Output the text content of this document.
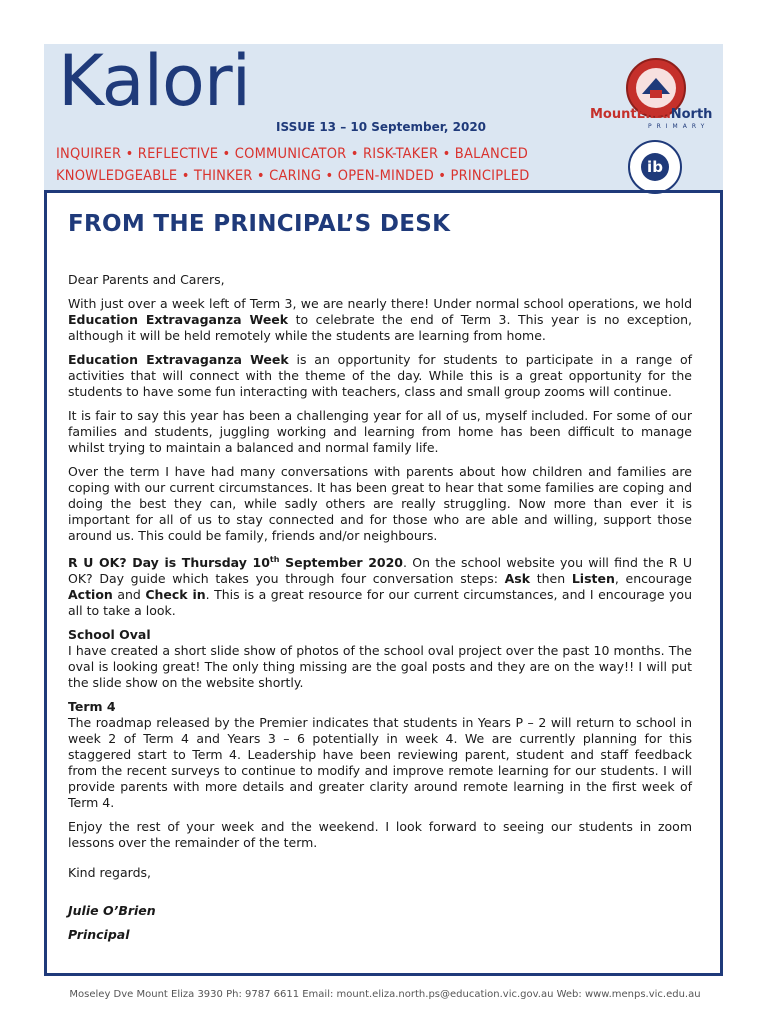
Kalori
ISSUE 13 – 10 September, 2020
INQUIRER • REFLECTIVE • COMMUNICATOR • RISK-TAKER • BALANCED
KNOWLEDGEABLE • THINKER • CARING • OPEN-MINDED • PRINCIPLED
MountElizaNorth
PRIMARY
ib
FROM THE PRINCIPAL’S DESK

Dear Parents and Carers,

With just over a week left of Term 3, we are nearly there! Under normal school operations, we hold Education Extravaganza Week to celebrate the end of Term 3. This year is no exception, although it will be held remotely while the students are learning from home.

Education Extravaganza Week is an opportunity for students to participate in a range of activities that will connect with the theme of the day. While this is a great opportunity for the students to have some fun interacting with teachers, class and small group zooms will continue.

It is fair to say this year has been a challenging year for all of us, myself included. For some of our families and students, juggling working and learning from home has been difficult to manage whilst trying to maintain a balanced and normal family life.

Over the term I have had many conversations with parents about how children and families are coping with our current circumstances. It has been great to hear that some families are coping and doing the best they can, while sadly others are really struggling. Now more than ever it is important for all of us to stay connected and for those who are able and willing, support those around us. This could be family, friends and/or neighbours.

R U OK? Day is Thursday 10th September 2020. On the school website you will find the R U OK? Day guide which takes you through four conversation steps: Ask then Listen, encourage Action and Check in. This is a great resource for our current circumstances, and I encourage you all to take a look.

School Oval

I have created a short slide show of photos of the school oval project over the past 10 months. The oval is looking great! The only thing missing are the goal posts and they are on the way!! I will put the slide show on the website shortly.

Term 4

The roadmap released by the Premier indicates that students in Years P – 2 will return to school in week 2 of Term 4 and Years 3 – 6 potentially in week 4. We are currently planning for this staggered start to Term 4. Leadership have been reviewing parent, student and staff feedback from the recent surveys to continue to modify and improve remote learning for our students. I will provide parents with more details and greater clarity around remote learning in the first week of Term 4.

Enjoy the rest of your week and the weekend. I look forward to seeing our students in zoom lessons over the remainder of the term.

Kind regards,

Julie O’Brien

Principal

Moseley Dve Mount Eliza 3930 Ph: 9787 6611 Email: mount.eliza.north.ps@education.vic.gov.au Web: www.menps.vic.edu.au
